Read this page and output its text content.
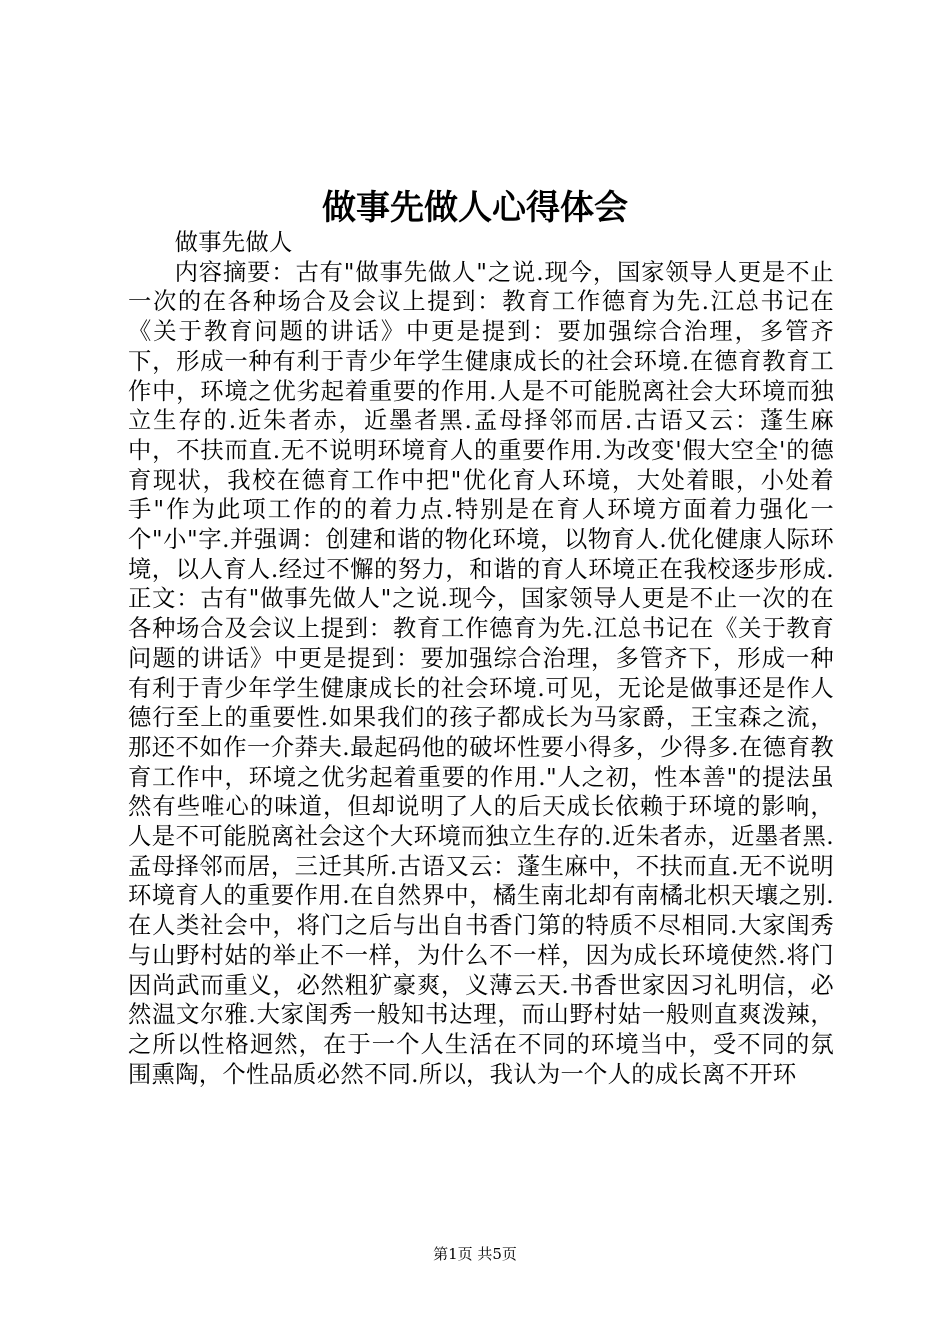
做事先做人心得体会

做事先做人

内容摘要：古有"做事先做人"之说.现今，国家领导人更是不止一次的在各种场合及会议上提到：教育工作德育为先.江总书记在《关于教育问题的讲话》中更是提到：要加强综合治理，多管齐下，形成一种有利于青少年学生健康成长的社会环境.在德育教育工作中，环境之优劣起着重要的作用.人是不可能脱离社会大环境而独立生存的.近朱者赤，近墨者黑.孟母择邻而居.古语又云：蓬生麻中，不扶而直.无不说明环境育人的重要作用.为改变'假大空全'的德育现状，我校在德育工作中把"优化育人环境，大处着眼，小处着手"作为此项工作的的着力点.特别是在育人环境方面着力强化一个"小"字.并强调：创建和谐的物化环境，以物育人.优化健康人际环境，以人育人.经过不懈的努力，和谐的育人环境正在我校逐步形成.正文：古有"做事先做人"之说.现今，国家领导人更是不止一次的在各种场合及会议上提到：教育工作德育为先.江总书记在《关于教育问题的讲话》中更是提到：要加强综合治理，多管齐下，形成一种有利于青少年学生健康成长的社会环境.可见，无论是做事还是作人德行至上的重要性.如果我们的孩子都成长为马家爵，王宝森之流，那还不如作一介莽夫.最起码他的破坏性要小得多，少得多.在德育教育工作中，环境之优劣起着重要的作用."人之初，性本善"的提法虽然有些唯心的味道，但却说明了人的后天成长依赖于环境的影响，人是不可能脱离社会这个大环境而独立生存的.近朱者赤，近墨者黑.孟母择邻而居，三迁其所.古语又云：蓬生麻中，不扶而直.无不说明环境育人的重要作用.在自然界中，橘生南北却有南橘北枳天壤之别.在人类社会中，将门之后与出自书香门第的特质不尽相同.大家闺秀与山野村姑的举止不一样，为什么不一样，因为成长环境使然.将门因尚武而重义，必然粗犷豪爽，义薄云天.书香世家因习礼明信，必然温文尔雅.大家闺秀一般知书达理，而山野村姑一般则直爽泼辣，之所以性格迥然，在于一个人生活在不同的环境当中，受不同的氛围熏陶，个性品质必然不同.所以，我认为一个人的成长离不开环

第1页 共5页
